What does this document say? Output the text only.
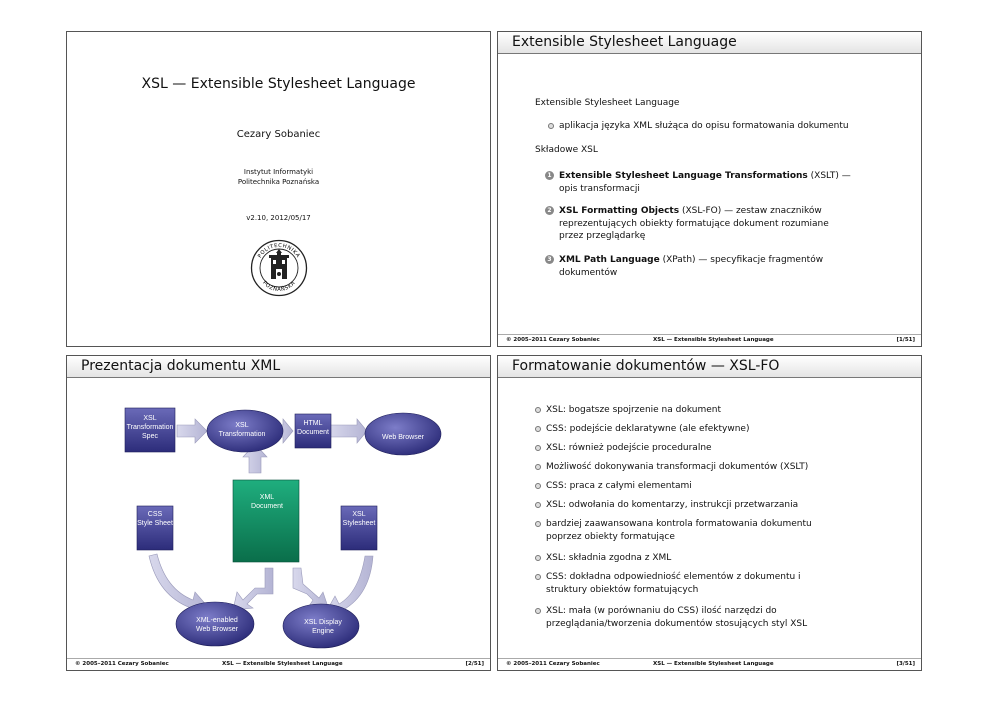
XSL — Extensible Stylesheet Language
Cezary Sobaniec
Instytut Informatyki
Politechnika Poznańska
v2.10, 2012/05/17
POLITECHNIKA
POZNAŃSKA
Extensible Stylesheet Language
Extensible Stylesheet Language
aplikacja języka XML służąca do opisu formatowania dokumentu
Składowe XSL
1 Extensible Stylesheet Language Transformations (XSLT) —
opis transformacji
2 XSL Formatting Objects (XSL-FO) — zestaw znaczników
reprezentujących obiekty formatujące dokument rozumiane
przez przeglądarkę
3 XML Path Language (XPath) — specyfikacje fragmentów
dokumentów
© 2005–2011 Cezary Sobaniec	XSL — Extensible Stylesheet Language	[1/51]
Prezentacja dokumentu XML
XSL
Transformation
Spec
XSL
Transformation
HTML
Document
Web Browser
CSS
Style Sheet
XML
Document
XSL
Stylesheet
XML-enabled
Web Browser
XSL Display
Engine
© 2005–2011 Cezary Sobaniec	XSL — Extensible Stylesheet Language	[2/51]
Formatowanie dokumentów — XSL-FO
XSL: bogatsze spojrzenie na dokument
CSS: podejście deklaratywne (ale efektywne)
XSL: również podejście proceduralne
Możliwość dokonywania transformacji dokumentów (XSLT)
CSS: praca z całymi elementami
XSL: odwołania do komentarzy, instrukcji przetwarzania
bardziej zaawansowana kontrola formatowania dokumentu
poprzez obiekty formatujące
XSL: składnia zgodna z XML
CSS: dokładna odpowiedniość elementów z dokumentu i
struktury obiektów formatujących
XSL: mała (w porównaniu do CSS) ilość narzędzi do
przeglądania/tworzenia dokumentów stosujących styl XSL
© 2005–2011 Cezary Sobaniec	XSL — Extensible Stylesheet Language	[3/51]
